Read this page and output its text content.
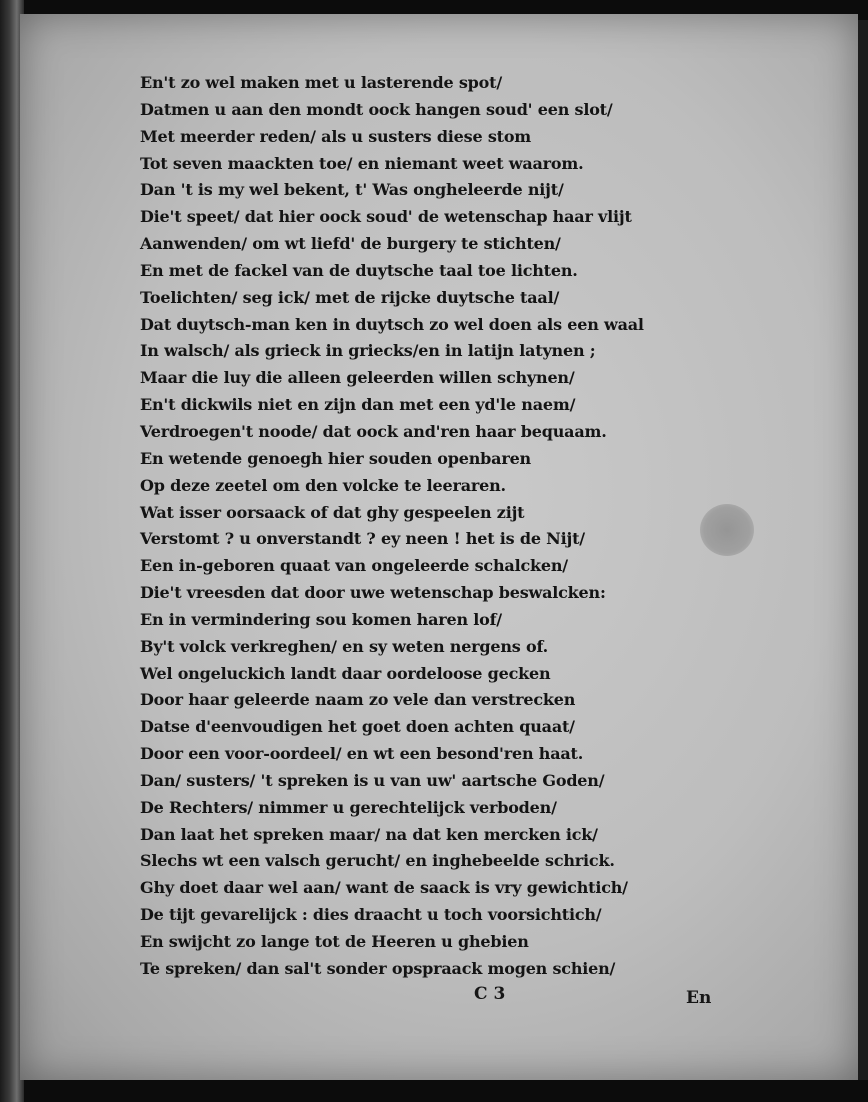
En't zo wel maken met u lasterende spot/
Datmen u aan den mondt oock hangen soud' een slot/
Met meerder reden/ als u susters diese stom
Tot seven maackten toe/ en niemant weet waarom.
Dan 't is my wel bekent, t' Was ongheleerde nijt/
Die't speet/ dat hier oock soud' de wetenschap haar vlijt
Aanwenden/ om wt liefd' de burgery te stichten/
En met de fackel van de duytsche taal toe lichten.
Toelichten/ seg ick/ met de rijcke duytsche taal/
Dat duytsch-man ken in duytsch zo wel doen als een waal
In walsch/ als grieck in griecks/en in latijn latynen ;
Maar die luy die alleen geleerden willen schynen/
En't dickwils niet en zijn dan met een yd'le naem/
Verdroegen't noode/ dat oock and'ren haar bequaam.
En wetende genoegh hier souden openbaren
Op deze zeetel om den volcke te leeraren.
Wat isser oorsaack of dat ghy gespeelen zijt
Verstomt ? u onverstandt ? ey neen ! het is de Nijt/
Een in-geboren quaat van ongeleerde schalcken/
Die't vreesden dat door uwe wetenschap beswalcken:
En in vermindering sou komen haren lof/
By't volck verkreghen/ en sy weten nergens of.
Wel ongeluckich landt daar oordeloose gecken
Door haar geleerde naam zo vele dan verstrecken
Datse d'eenvoudigen het goet doen achten quaat/
Door een voor-oordeel/ en wt een besond'ren haat.
Dan/ susters/ 't spreken is u van uw' aartsche Goden/
De Rechters/ nimmer u gerechtelijck verboden/
Dan laat het spreken maar/ na dat ken mercken ick/
Slechs wt een valsch gerucht/ en inghebeelde schrick.
Ghy doet daar wel aan/ want de saack is vry gewichtich/
De tijt gevarelijck : dies draacht u toch voorsichtich/
En swijcht zo lange tot de Heeren u ghebien
Te spreken/ dan sal't sonder opspraack mogen schien/
C 3	En
